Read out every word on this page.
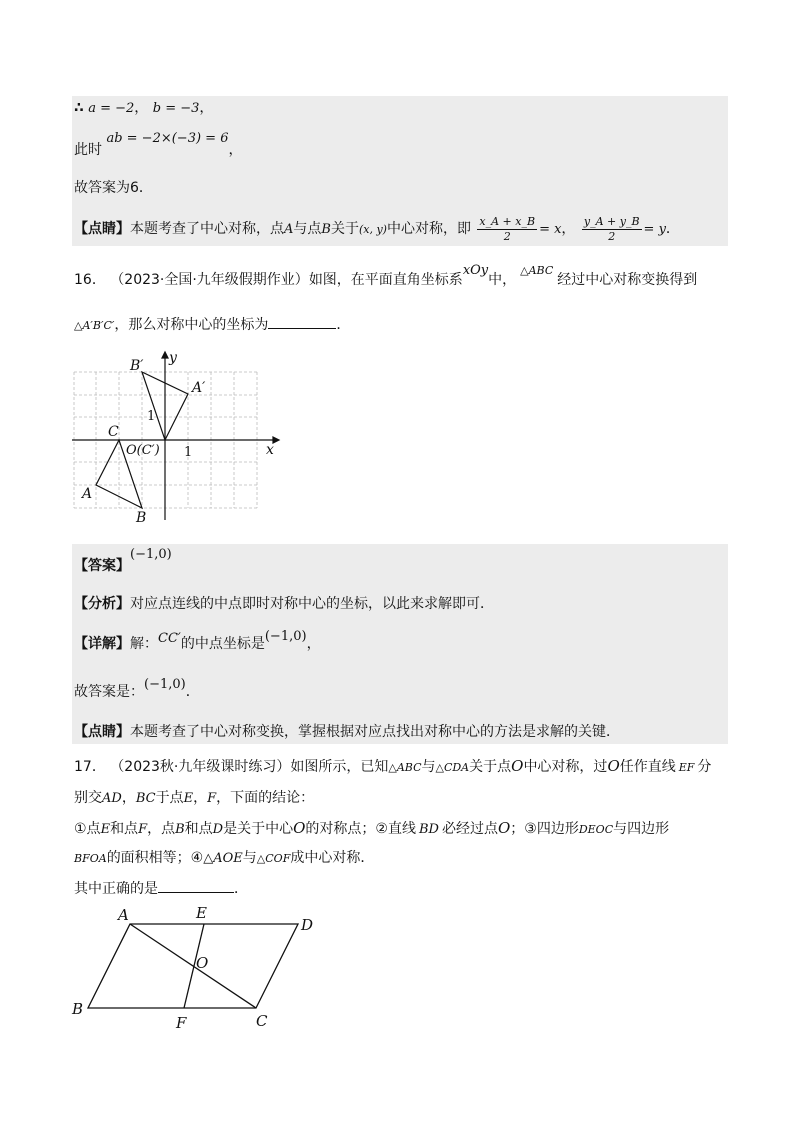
∴ a = −2， b = −3，
此时 ab = −2×(−3) = 6，
故答案为6．
【点睛】本题考查了中心对称，点A与点B关于(x, y)中心对称，即 $\frac{x\_A + x\_B}{2} = x$， $\frac{y\_A + y\_B}{2} = y$．
16． （2023·全国·九年级假期作业）如图，在平面直角坐标系xOy中，$^{\triangle ABC}$经过中心对称变换得到
△A′B′C′，那么对称中心的坐标为	．
B′
A′
y
C
O(C′)	x
A
B
1
1
【答案】(−1,0)
【分析】对应点连线的中点即时对称中心的坐标，以此来求解即可．
【详解】解：CC′的中点坐标是(−1,0)，
故答案是：(−1,0)．
【点睛】本题考查了中心对称变换，掌握根据对应点找出对称中心的方法是求解的关键．
17． （2023秋·九年级课时练习）如图所示，已知△ABC与△CDA关于点O中心对称，过O任作直线 EF 分
别交AD，BC于点E，F，下面的结论：
①点E和点F，点B和点D是关于中心O的对称点；②直线 BD 必经过点O；③四边形DEOC与四边形
BFOA的面积相等；④△AOE与△COF成中心对称．
其中正确的是	．
A	E
D
O
B
F	C
